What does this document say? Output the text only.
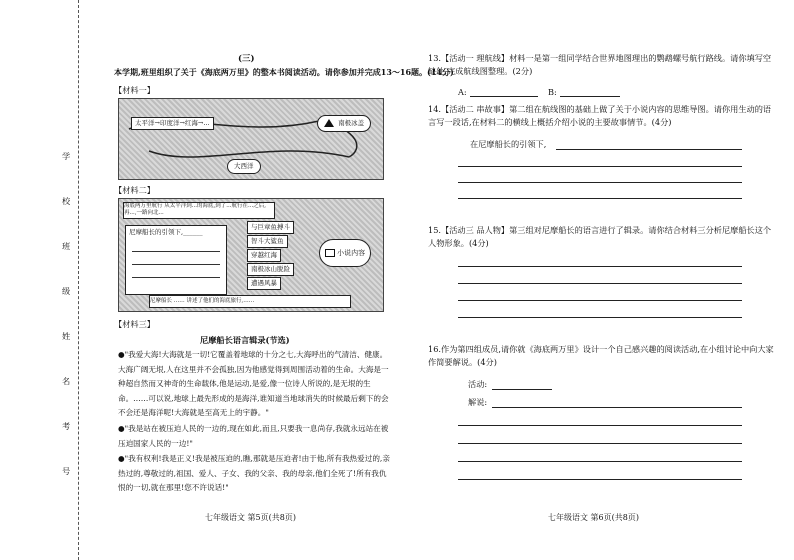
学
校
班
级
姓
名
考
号
(三)
本学期,班里组织了关于《海底两万里》的整本书阅读活动。请你参加并完成13～16题。(14分)
【材料一】
太平洋→印度洋→红海→...	南极冰盖
大西洋
【材料二】
海底两万里航行 从太平洋到...的海底,到了...航行在...之后,再...,一路向北...
尼摩船长的引领下,______
与巨章鱼搏斗
智斗大鲨鱼
穿越红海
南极冰山脱险
遭遇风暴
小说内容
尼摩船长 …… 讲述了他们的海底旅行,……
【材料三】
尼摩船长语言辑录(节选)
●"我爱大海!大海就是一切!它覆盖着地球的十分之七,大海呼出的气清洁、健康。大海广阔无垠,人在这里并不会孤独,因为他感觉得到周围活动着的生命。大海是一种超自然而又神奇的生命载体,他是运动,是爱,像一位诗人所说的,是无垠的生命。……可以说,地球上最先形成的是海洋,谁知道当地球消失的时候最后剩下的会不会还是海洋呢!大海就是至高无上的宇静。"
●"我是站在被压迫人民的一边的,现在如此,而且,只要我一息尚存,我就永远站在被压迫国家人民的一边!"
●"我有权利!我是正义!我是被压迫的,瞧,那就是压迫者!由于他,所有我热爱过的,亲热过的,尊敬过的,祖国、爱人、子女、我的父亲、我的母亲,他们全死了!所有我仇恨的一切,就在那里!您不许说话!"
七年级语文 第5页(共8页)
13.【活动一 理航线】材料一是第一组同学结合世界地图理出的鹦鹉螺号航行路线。请你填写空缺处,完成航线图整理。(2分)
A:	B:
14.【活动二 串故事】第二组在航线图的基础上做了关于小说内容的思维导图。请你用生动的语言写一段话,在材料二的横线上概括介绍小说的主要故事情节。(4分)
在尼摩船长的引领下,
15.【活动三 品人物】第三组对尼摩船长的语言进行了辑录。请你结合材料三分析尼摩船长这个人物形象。(4分)
16.作为第四组成员,请你就《海底两万里》设计一个自己感兴趣的阅读活动,在小组讨论中向大家作简要解说。(4分)
活动:
解说:
七年级语文 第6页(共8页)
